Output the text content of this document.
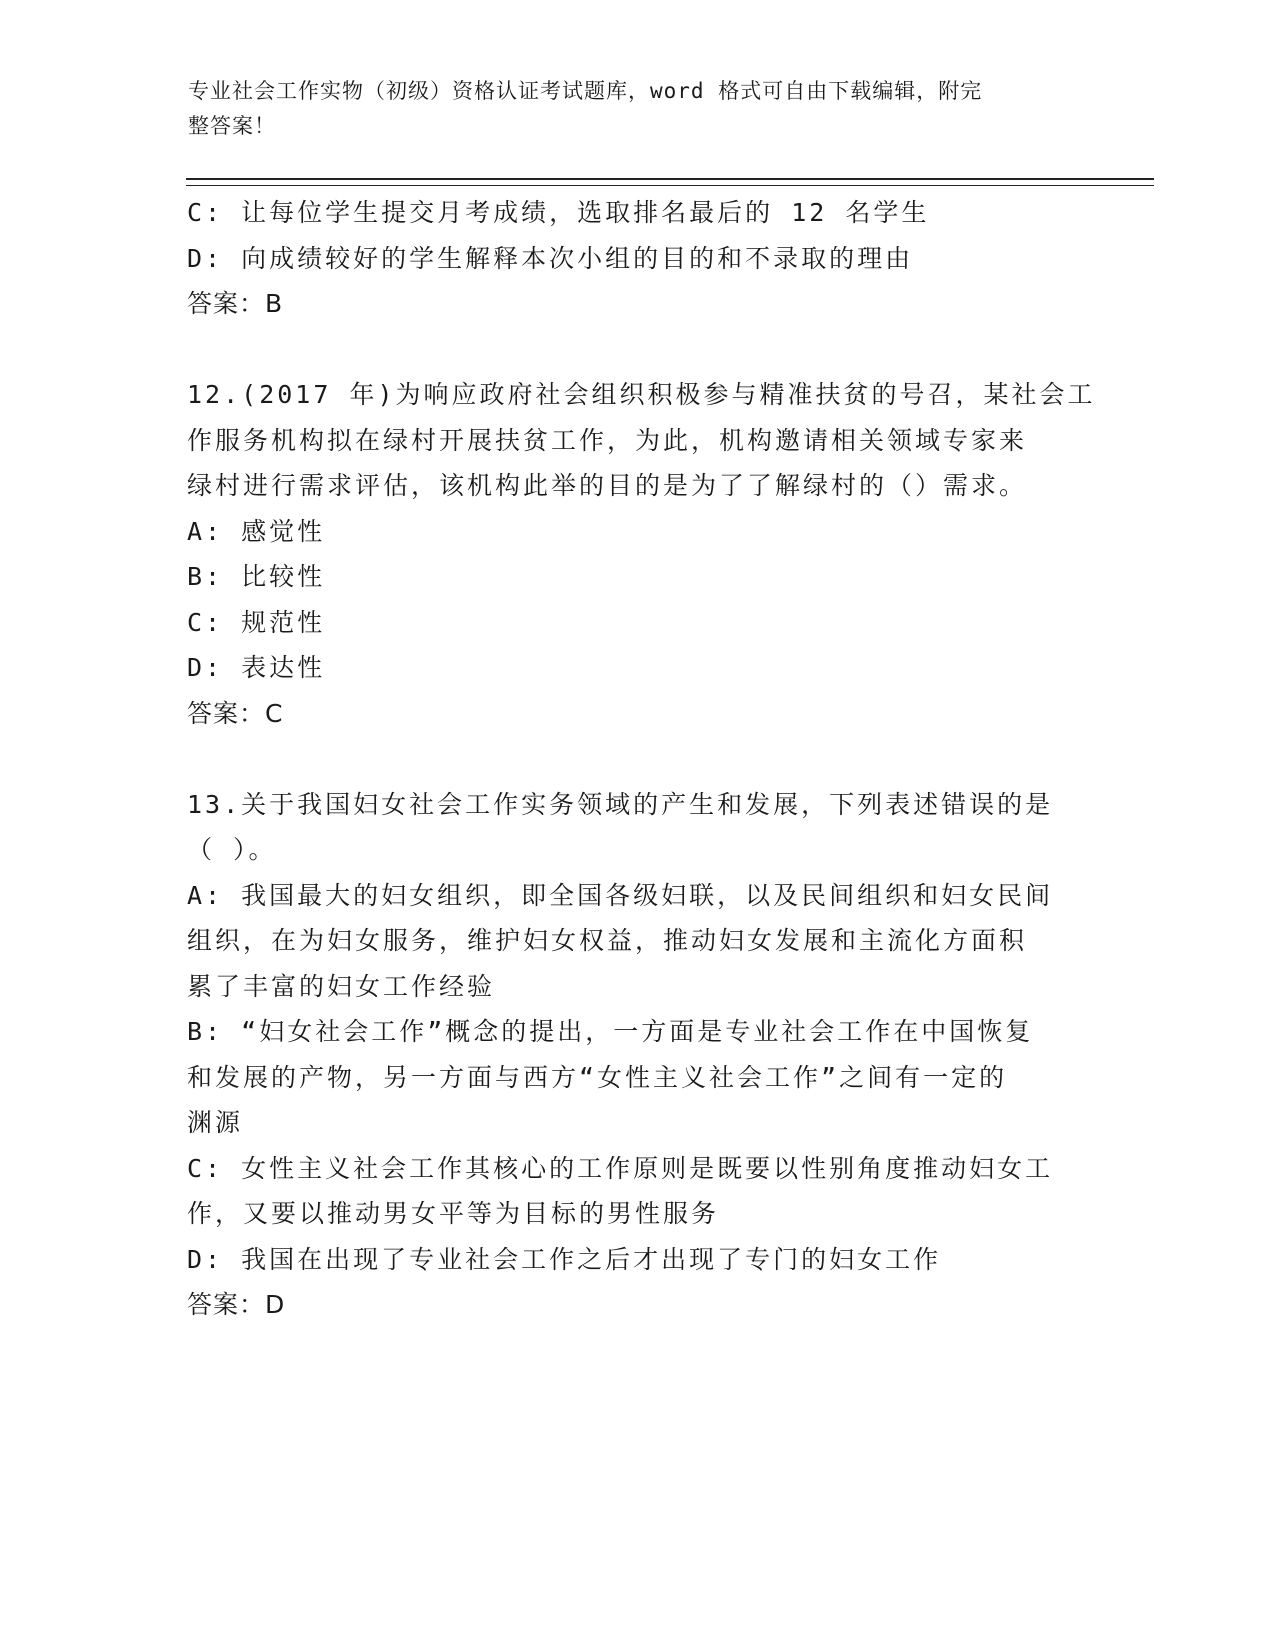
专业社会工作实物（初级）资格认证考试题库，word 格式可自由下载编辑，附完
整答案！
C: 让每位学生提交月考成绩，选取排名最后的 12 名学生
D: 向成绩较好的学生解释本次小组的目的和不录取的理由
答案：B
12.(2017 年)为响应政府社会组织积极参与精准扶贫的号召，某社会工
作服务机构拟在绿村开展扶贫工作，为此，机构邀请相关领域专家来
绿村进行需求评估，该机构此举的目的是为了了解绿村的（）需求。
A: 感觉性
B: 比较性
C: 规范性
D: 表达性
答案：C
13.关于我国妇女社会工作实务领域的产生和发展，下列表述错误的是
（ ）。
A: 我国最大的妇女组织，即全国各级妇联，以及民间组织和妇女民间
组织，在为妇女服务，维护妇女权益，推动妇女发展和主流化方面积
累了丰富的妇女工作经验
B: “妇女社会工作”概念的提出，一方面是专业社会工作在中国恢复
和发展的产物，另一方面与西方“女性主义社会工作”之间有一定的
渊源
C: 女性主义社会工作其核心的工作原则是既要以性别角度推动妇女工
作，又要以推动男女平等为目标的男性服务
D: 我国在出现了专业社会工作之后才出现了专门的妇女工作
答案：D
